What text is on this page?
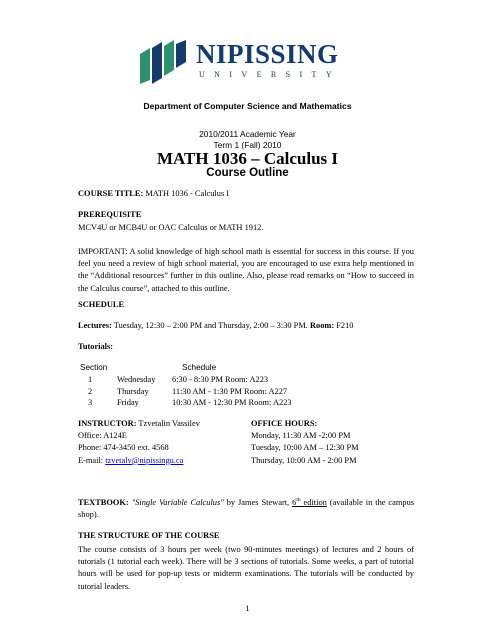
NIPISSING
UNIVERSITY
Department of Computer Science and Mathematics
2010/2011 Academic Year
Term 1 (Fall) 2010
MATH 1036 – Calculus I
Course Outline
COURSE TITLE: MATH 1036 - Calculus I
PREREQUISITE
MCV4U or MCB4U or OAC Calculus or MATH 1912.
IMPORTANT: A solid knowledge of high school math is essential for success in this course. If you feel you need a review of high school material, you are encouraged to use extra help mentioned in the “Additional resources” further in this outline. Also, please read remarks on “How to succeed in the Calculus course”, attached to this outline.
SCHEDULE
Lectures: Tuesday, 12:30 – 2:00 PM and Thursday, 2:00 – 3:30 PM. Room: F210
Tutorials:
Section	Schedule
1	Wednesday	6:30 - 8:30 PM Room: A223
2	Thursday	11:30 AM - 1:30 PM Room: A227
3	Friday	10:30 AM - 12:30 PM Room: A223
INSTRUCTOR: Tzvetalin Vassilev
Office: A124E
Phone: 474-3450 ext. 4568
E-mail: tzvetalv@nipissingu.ca
OFFICE HOURS:
Monday, 11:30 AM -2:00 PM
Tuesday, 10:00 AM – 12:30 PM
Thursday, 10:00 AM - 2:00 PM
TEXTBOOK: "Single Variable Calculus" by James Stewart, 6th edition (available in the campus shop).
THE STRUCTURE OF THE COURSE
The course consists of 3 hours per week (two 90-minutes meetings) of lectures and 2 hours of tutorials (1 tutorial each week). There will be 3 sections of tutorials. Some weeks, a part of tutorial hours will be used for pop-up tests or midterm examinations. The tutorials will be conducted by tutorial leaders.
1
